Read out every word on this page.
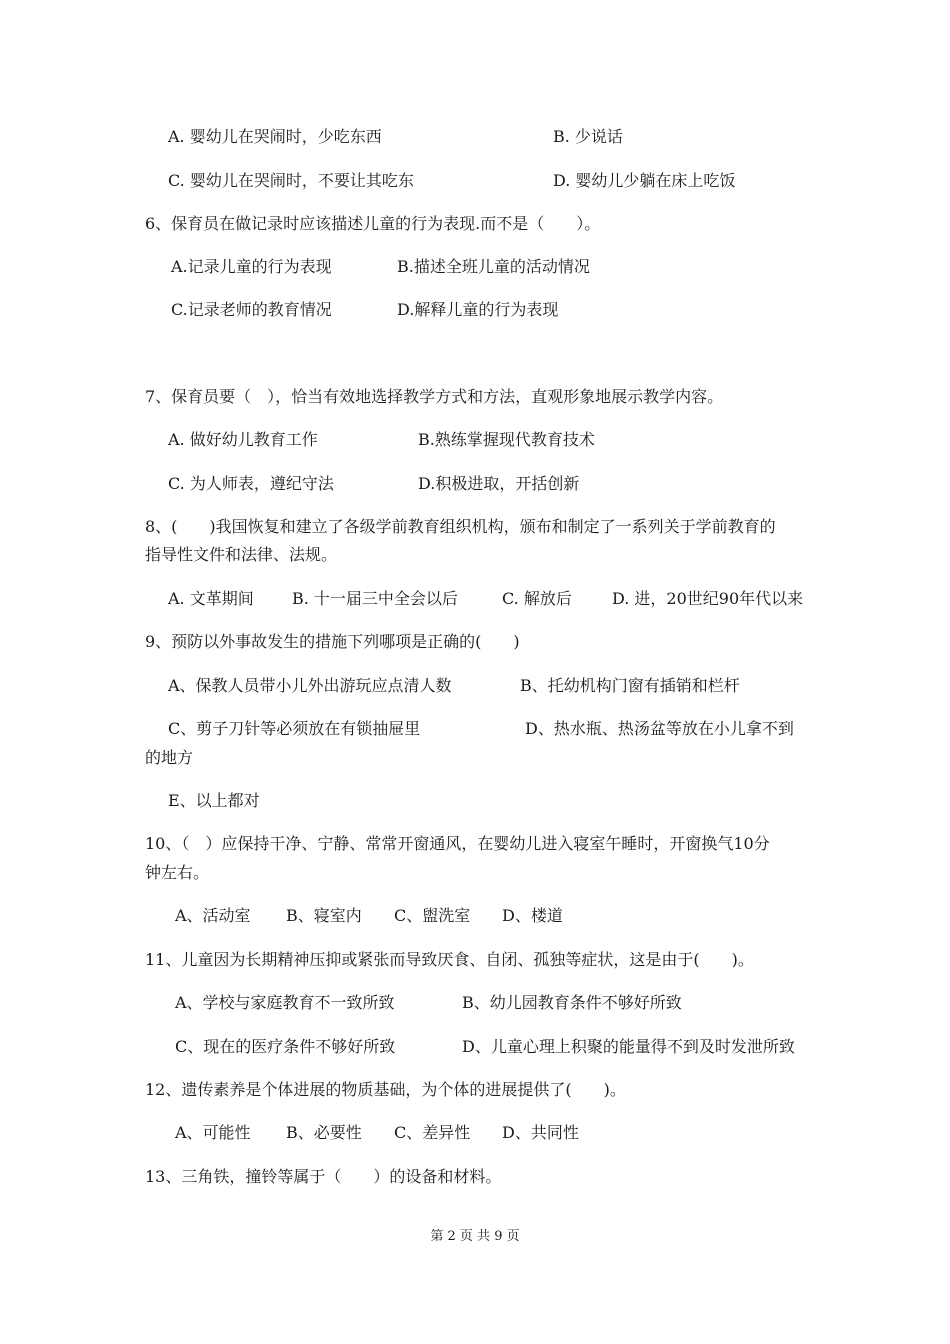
A. 婴幼儿在哭闹时，少吃东西	B. 少说话
C. 婴幼儿在哭闹时，不要让其吃东	D. 婴幼儿少躺在床上吃饭
6、保育员在做记录时应该描述儿童的行为表现.而不是（　　）。
A.记录儿童的行为表现	B.描述全班儿童的活动情况
C.记录老师的教育情况	D.解释儿童的行为表现
7、保育员要（　），恰当有效地选择教学方式和方法，直观形象地展示教学内容。
A. 做好幼儿教育工作	B.熟练掌握现代教育技术
C. 为人师表，遵纪守法	D.积极进取，开括创新
8、(　　)我国恢复和建立了各级学前教育组织机构，颁布和制定了一系列关于学前教育的
指导性文件和法律、法规。
A. 文革期间 B. 十一届三中全会以后	C. 解放后	D. 进，20世纪90年代以来
9、预防以外事故发生的措施下列哪项是正确的(　　)
A、保教人员带小儿外出游玩应点清人数	B、托幼机构门窗有插销和栏杆
C、剪子刀针等必须放在有锁抽屉里	D、热水瓶、热汤盆等放在小儿拿不到
的地方
E、以上都对
10、（　）应保持干净、宁静、常常开窗通风，在婴幼儿进入寝室午睡时，开窗换气10分
钟左右。
A、活动室 B、寝室内 C、盥洗室 D、楼道
11、儿童因为长期精神压抑或紧张而导致厌食、自闭、孤独等症状，这是由于(　　)。
A、学校与家庭教育不一致所致	B、幼儿园教育条件不够好所致
C、现在的医疗条件不够好所致	D、儿童心理上积聚的能量得不到及时发泄所致
12、遗传素养是个体进展的物质基础，为个体的进展提供了(　　)。
A、可能性 B、必要性 C、差异性 D、共同性
13、三角铁，撞铃等属于（　　）的设备和材料。
第 2 页 共 9 页
